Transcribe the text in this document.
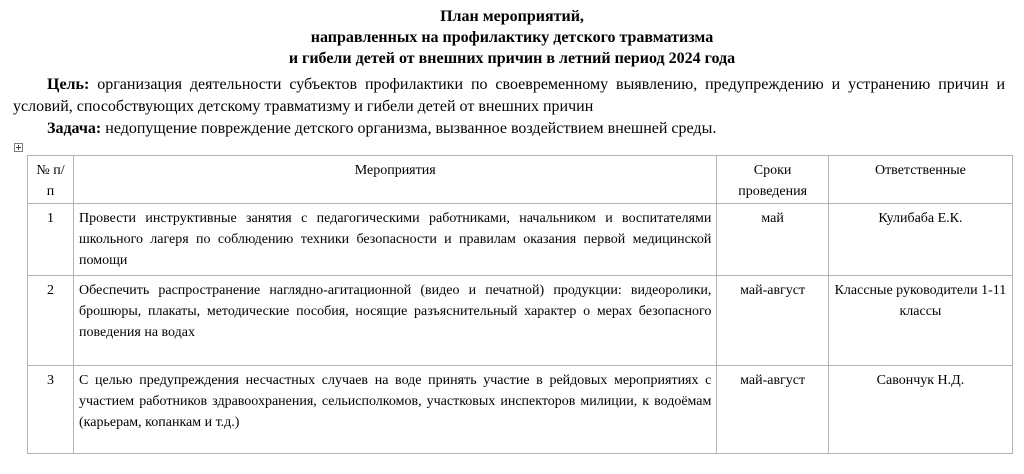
План мероприятий,
направленных на профилактику детского травматизма
и гибели детей от внешних причин в летний период 2024 года
Цель: организация деятельности субъектов профилактики по своевременному выявлению, предупреждению и устранению причин и условий, способствующих детскому травматизму и гибели детей от внешних причин
Задача: недопущение повреждение детского организма, вызванное воздействием внешней среды.
№ п/п	Мероприятия	Сроки проведения	Ответственные
1	Провести инструктивные занятия с педагогическими работниками, начальником и воспитателями школьного лагеря по соблюдению техники безопасности и правилам оказания первой медицинской помощи	май	Кулибаба Е.К.
2	Обеспечить распространение наглядно-агитационной (видео и печатной) продукции: видеоролики, брошюры, плакаты, методические пособия, носящие разъяснительный характер о мерах безопасного поведения на водах	май-август	Классные руководители 1-11 классы
3	С целью предупреждения несчастных случаев на воде принять участие в рейдовых мероприятиях с участием работников здравоохранения, сельисполкомов, участковых инспекторов милиции, к водоёмам (карьерам, копанкам и т.д.)	май-август	Савончук Н.Д.
